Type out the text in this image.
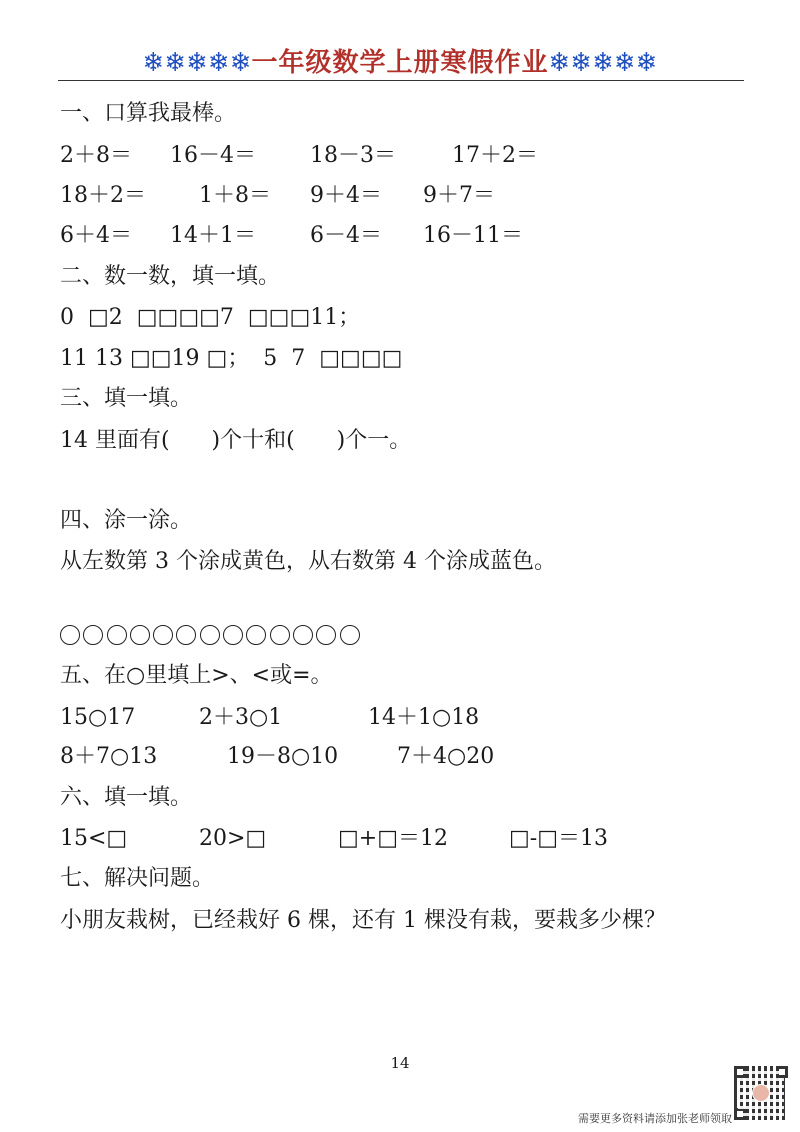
❄❄❄❄❄一年级数学上册寒假作业❄❄❄❄❄
一、口算我最棒。
2＋8＝ 16－4＝ 18－3＝	17＋2＝
18＋2＝ 1＋8＝ 9＋4＝ 9＋7＝
6＋4＝ 14＋1＝ 6－4＝ 16－11＝
二、数一数，填一填。
0  □2  □□□□7  □□□11；
11 13 □□19 □；  5  7  □□□□
三、填一填。
14 里面有(      )个十和(      )个一。
四、涂一涂。
从左数第 3 个涂成黄色，从右数第 4 个涂成蓝色。
五、在○里填上>、<或=。
15○17	2＋3○1	14＋1○18
8＋7○13	19－8○10	7＋4○20
六、填一填。
15<□	20>□	□+□＝12	□-□＝13
七、解决问题。
小朋友栽树，已经栽好 6 棵，还有 1 棵没有栽，要栽多少棵？
14
需要更多资料请添加张老师领取
